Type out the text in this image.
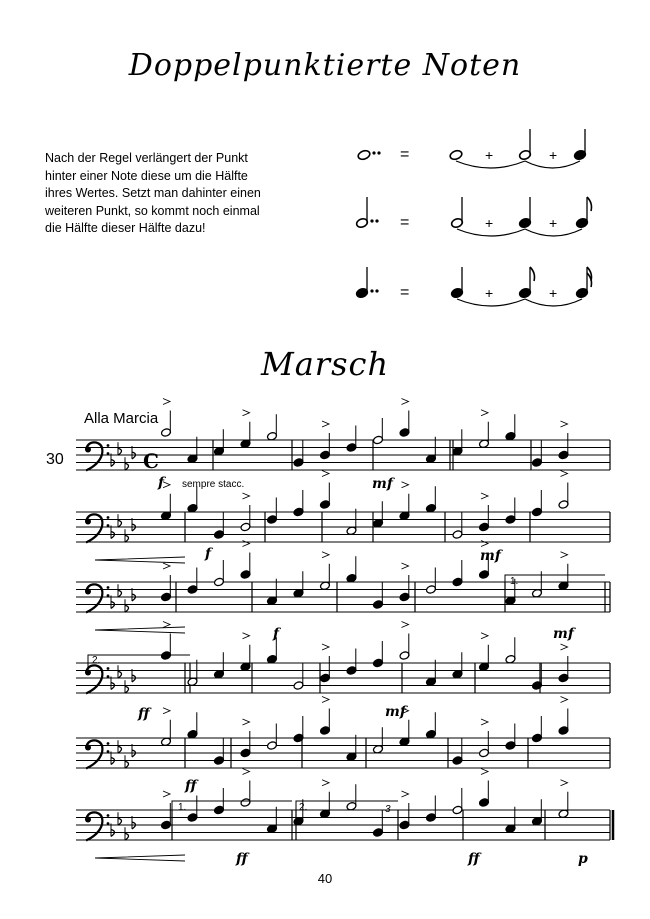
Doppelpunktierte Noten
Nach der Regel verlängert der Punkt
hinter einer Note diese um die Hälfte
ihres Wertes. Setzt man dahinter einen
weiteren Punkt, so kommt noch einmal
die Hälfte dieser Hälfte dazu!
=	+	+
=	+	+
=	+	+
Marsch
Alla Marcia
30
f sempre stacc.	mf
f	mf
f	mf
ff	mf
ff
ff	ff	p
1.
2.
1.	2.	3
C
40
